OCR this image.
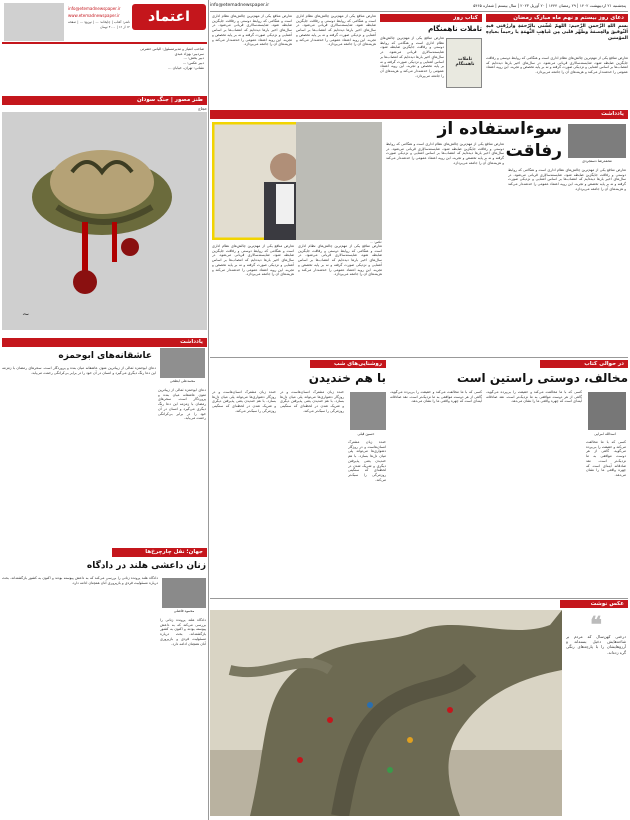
اعتماد
info@etemadnewspaper.ir
www.etemadnewspaper.ir
ناشر: آفتاب | چاپخانه: ... | توزیع: ... | صفحه ۱۲ از ۱۶ | ۴۰۰۰ تومان
صاحب امتیاز و مدیرمسئول: الیاس حضرتی
سردبیر: بهزاد عبدی
دبیر بخش: ...
دبیر عکس: ...
نشانی: تهران، خیابان ...
طنز مصور | جنگ سودان
حجاج
~
یادداشت
عاشقانه‌های ابوحمزه
محمدعلی ابطحی
دعای ابوحمزه ثمالی از زیباترین متون عاشقانه میان بنده و پروردگار است. سحرهای رمضان با زمزمه این دعا رنگ دیگری می‌گیرد و انسان در آن خود را در برابر بی‌کرانگی رحمت می‌یابد.
دعای ابوحمزه ثمالی از زیباترین متون عاشقانه میان بنده و پروردگار است. سحرهای رمضان با زمزمه این دعا رنگ دیگری می‌گیرد و انسان در آن خود را در برابر بی‌کرانگی رحمت می‌یابد.
جهان؛ نقل چارچرخ‌ها
زنان داعشی هلند در دادگاه
محمود فاضلی
دادگاه هلند پرونده زنانی را بررسی می‌کند که به داعش پیوسته بودند و اکنون به کشور بازگشته‌اند. بحث درباره مسئولیت فردی و بازپروری آنان همچنان ادامه دارد.
دادگاه هلند پرونده زنانی را بررسی می‌کند که به داعش پیوسته بودند و اکنون به کشور بازگشته‌اند. بحث درباره مسئولیت فردی و بازپروری آنان همچنان ادامه دارد.
info@etemadnewspaper.ir	پنجشنبه ۲۱ اردیبهشت ۱۴۰۲ | ۲۹ رمضان ۱۴۴۴ | ۲۰ آوریل ۲۰۲۳ | سال بیستم | شماره ۵۴۶۵
تعارض منافع یکی از مهم‌ترین چالش‌های نظام اداری است و هنگامی که روابط دوستی و رفاقت جایگزین ضابطه شود، شایسته‌سالاری قربانی می‌شود. در سال‌های اخیر بارها دیده‌ایم که انتصاب‌ها بر اساس آشنایی و نزدیکی صورت گرفته و نه بر پایه تخصص و تجربه. این رویه اعتماد عمومی را خدشه‌دار می‌کند و هزینه‌های آن را جامعه می‌پردازد.
تعارض منافع یکی از مهم‌ترین چالش‌های نظام اداری است و هنگامی که روابط دوستی و رفاقت جایگزین ضابطه شود، شایسته‌سالاری قربانی می‌شود. در سال‌های اخیر بارها دیده‌ایم که انتصاب‌ها بر اساس آشنایی و نزدیکی صورت گرفته و نه بر پایه تخصص و تجربه. این رویه اعتماد عمومی را خدشه‌دار می‌کند و هزینه‌های آن را جامعه می‌پردازد.
کتاب روز
تاملات ناهمنگام
تعارض منافع یکی از مهم‌ترین چالش‌های نظام اداری است و هنگامی که روابط دوستی و رفاقت جایگزین ضابطه شود، شایسته‌سالاری قربانی می‌شود. در سال‌های اخیر بارها دیده‌ایم که انتصاب‌ها بر اساس آشنایی و نزدیکی صورت گرفته و نه بر پایه تخصص و تجربه. این رویه اعتماد عمومی را خدشه‌دار می‌کند و هزینه‌های آن را جامعه می‌پردازد.
تاملات ناهمنگام
دعای روز بیستم و نهم ماه مبارک رمضان
بِسمِ اللهِ الرَّحمنِ الرَّحیم: اللهمّ غَشّنی بالرّحمَةِ وارزُقنی فیهِ التّوفیقَ والعِصمَةَ وطَهّر قلبی مِن غَیاهِبِ التُّهمَةِ یا رحیماً بعبادِهِ المؤمنین
تعارض منافع یکی از مهم‌ترین چالش‌های نظام اداری است و هنگامی که روابط دوستی و رفاقت جایگزین ضابطه شود، شایسته‌سالاری قربانی می‌شود. در سال‌های اخیر بارها دیده‌ایم که انتصاب‌ها بر اساس آشنایی و نزدیکی صورت گرفته و نه بر پایه تخصص و تجربه. این رویه اعتماد عمومی را خدشه‌دار می‌کند و هزینه‌های آن را جامعه می‌پردازد.
یادداشت
سوءاستفاده از رفاقت	محمدرضا دستجردی
تعارض منافع یکی از مهم‌ترین چالش‌های نظام اداری است و هنگامی که روابط دوستی و رفاقت جایگزین ضابطه شود، شایسته‌سالاری قربانی می‌شود. در سال‌های اخیر بارها دیده‌ایم که انتصاب‌ها بر اساس آشنایی و نزدیکی صورت گرفته و نه بر پایه تخصص و تجربه. این رویه اعتماد عمومی را خدشه‌دار می‌کند و هزینه‌های آن را جامعه می‌پردازد.
تعارض منافع یکی از مهم‌ترین چالش‌های نظام اداری است و هنگامی که روابط دوستی و رفاقت جایگزین ضابطه شود، شایسته‌سالاری قربانی می‌شود. در سال‌های اخیر بارها دیده‌ایم که انتصاب‌ها بر اساس آشنایی و نزدیکی صورت گرفته و نه بر پایه تخصص و تجربه. این رویه اعتماد عمومی را خدشه‌دار می‌کند و هزینه‌های آن را جامعه می‌پردازد.
تعارض منافع یکی از مهم‌ترین چالش‌های نظام اداری است و هنگامی که روابط دوستی و رفاقت جایگزین ضابطه شود، شایسته‌سالاری قربانی می‌شود. در سال‌های اخیر بارها دیده‌ایم که انتصاب‌ها بر اساس آشنایی و نزدیکی صورت گرفته و نه بر پایه تخصص و تجربه. این رویه اعتماد عمومی را خدشه‌دار می‌کند و هزینه‌های آن را جامعه می‌پردازد.
تعارض منافع یکی از مهم‌ترین چالش‌های نظام اداری است و هنگامی که روابط دوستی و رفاقت جایگزین ضابطه شود، شایسته‌سالاری قربانی می‌شود. در سال‌های اخیر بارها دیده‌ایم که انتصاب‌ها بر اساس آشنایی و نزدیکی صورت گرفته و نه بر پایه تخصص و تجربه. این رویه اعتماد عمومی را خدشه‌دار می‌کند و هزینه‌های آن را جامعه می‌پردازد.
عکس: ...
روشنایی‌های شب
با هم خندیدن
حسین قبلی
خنده زبان مشترک انسان‌هاست و در روزگار دشواری‌ها می‌تواند پلی میان دل‌ها بسازد. با هم خندیدن یعنی پذیرفتن دیگری و شریک شدن در لحظه‌ای که سنگینی روزمرگی را سبک‌تر می‌کند.
خنده زبان مشترک انسان‌هاست و در روزگار دشواری‌ها می‌تواند پلی میان دل‌ها بسازد. با هم خندیدن یعنی پذیرفتن دیگری و شریک شدن در لحظه‌ای که سنگینی روزمرگی را سبک‌تر می‌کند.
خنده زبان مشترک انسان‌هاست و در روزگار دشواری‌ها می‌تواند پلی میان دل‌ها بسازد. با هم خندیدن یعنی پذیرفتن دیگری و شریک شدن در لحظه‌ای که سنگینی روزمرگی را سبک‌تر می‌کند.
در حوالی کتاب
مخالف، دوستی راستین است
اسدالله امرایی
کسی که با ما مخالفت می‌کند و حقیقت را بی‌پرده می‌گوید، گاهی از هر دوست موافقی به ما نزدیک‌تر است. نقد صادقانه آینه‌ای است که چهره واقعی ما را نشان می‌دهد.
کسی که با ما مخالفت می‌کند و حقیقت را بی‌پرده می‌گوید، گاهی از هر دوست موافقی به ما نزدیک‌تر است. نقد صادقانه آینه‌ای است که چهره واقعی ما را نشان می‌دهد.
کسی که با ما مخالفت می‌کند و حقیقت را بی‌پرده می‌گوید، گاهی از هر دوست موافقی به ما نزدیک‌تر است. نقد صادقانه آینه‌ای است که چهره واقعی ما را نشان می‌دهد.
عکس نوشت
❝
درختی کهن‌سال که مردم بر شاخه‌هایش دخیل بسته‌اند و آرزوهایشان را با پارچه‌های رنگی گره زده‌اند.
